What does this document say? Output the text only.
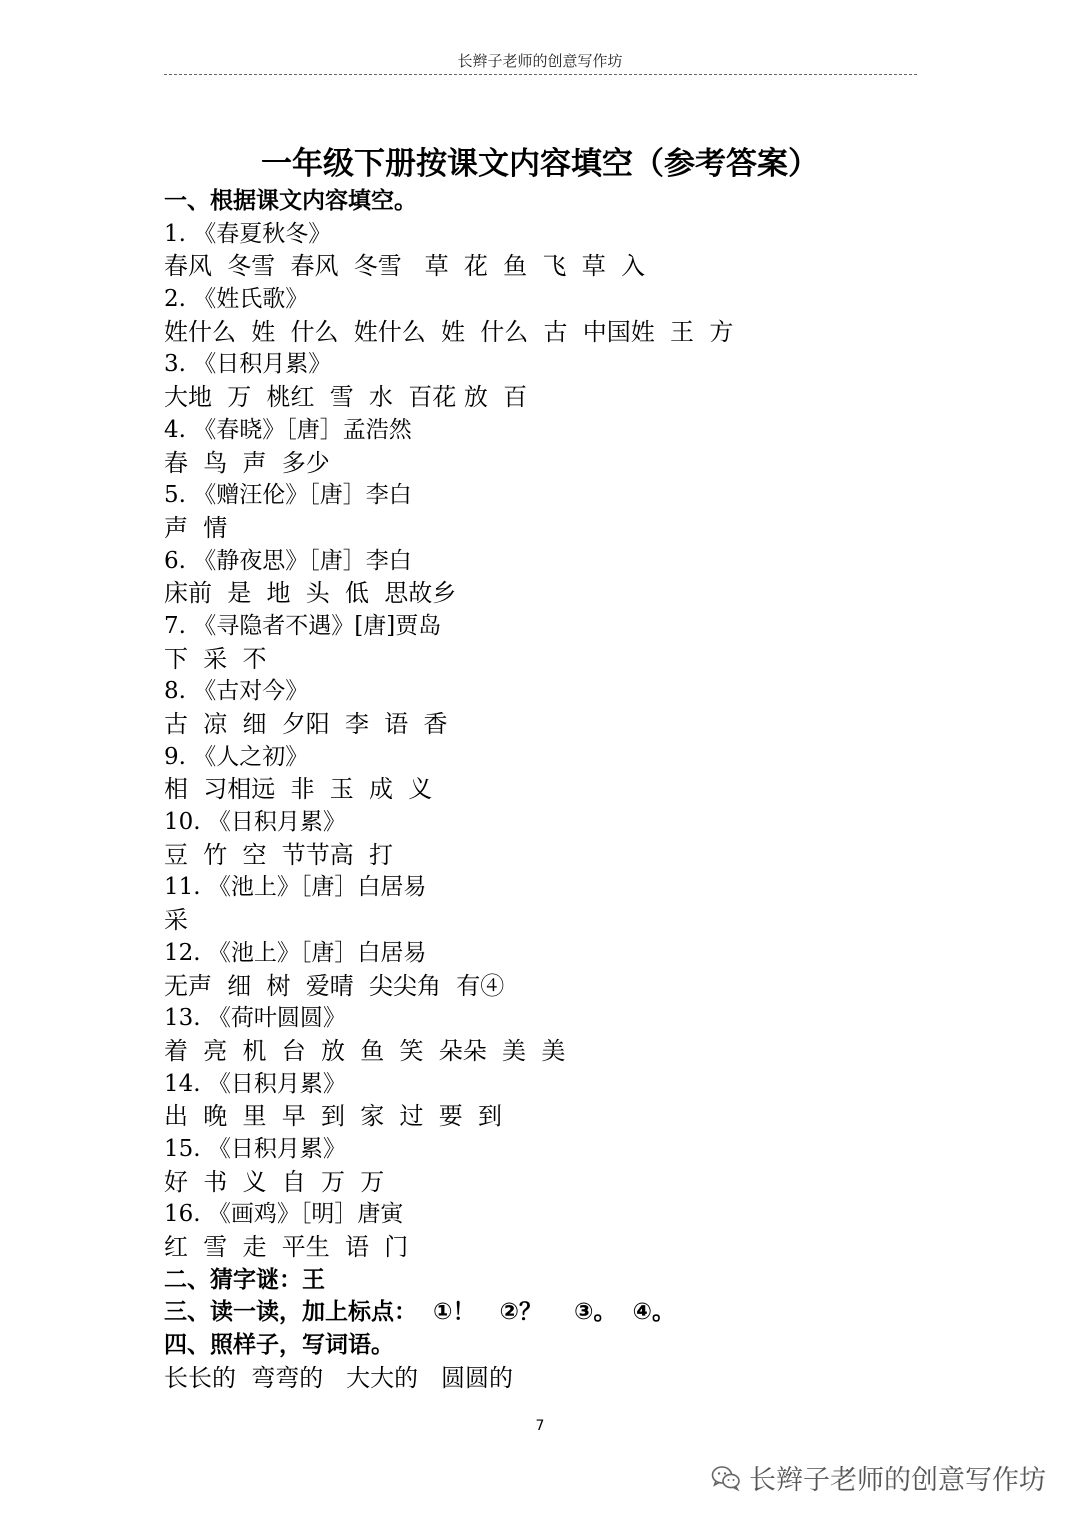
长辫子老师的创意写作坊
一年级下册按课文内容填空（参考答案）
一、根据课文内容填空。
1. 《春夏秋冬》
春风  冬雪  春风  冬雪   草  花  鱼  飞  草  入
2. 《姓氏歌》
姓什么  姓  什么  姓什么  姓  什么  古  中国姓  王  方
3. 《日积月累》
大地  万  桃红  雪  水  百花 放  百
4. 《春晓》［唐］孟浩然
春  鸟  声  多少
5. 《赠汪伦》［唐］李白
声  情
6. 《静夜思》［唐］李白
床前  是  地  头  低  思故乡
7. 《寻隐者不遇》[唐]贾岛
下  采  不
8. 《古对今》
古  凉  细  夕阳  李  语  香
9. 《人之初》
相  习相远  非  玉  成  义
10. 《日积月累》
豆  竹  空  节节高  打
11. 《池上》［唐］白居易
采
12. 《池上》［唐］白居易
无声  细  树  爱晴  尖尖角  有④
13. 《荷叶圆圆》
着  亮  机  台  放  鱼  笑  朵朵  美  美
14. 《日积月累》
出  晚  里  早  到  家  过  要  到
15. 《日积月累》
好  书  义  自  万  万
16. 《画鸡》［明］唐寅
红  雪  走  平生  语  门
二、猜字谜：王
三、读一读，加上标点：  ①！   ②？    ③。  ④。
四、照样子，写词语。
长长的  弯弯的   大大的   圆圆的
7
长辫子老师的创意写作坊
